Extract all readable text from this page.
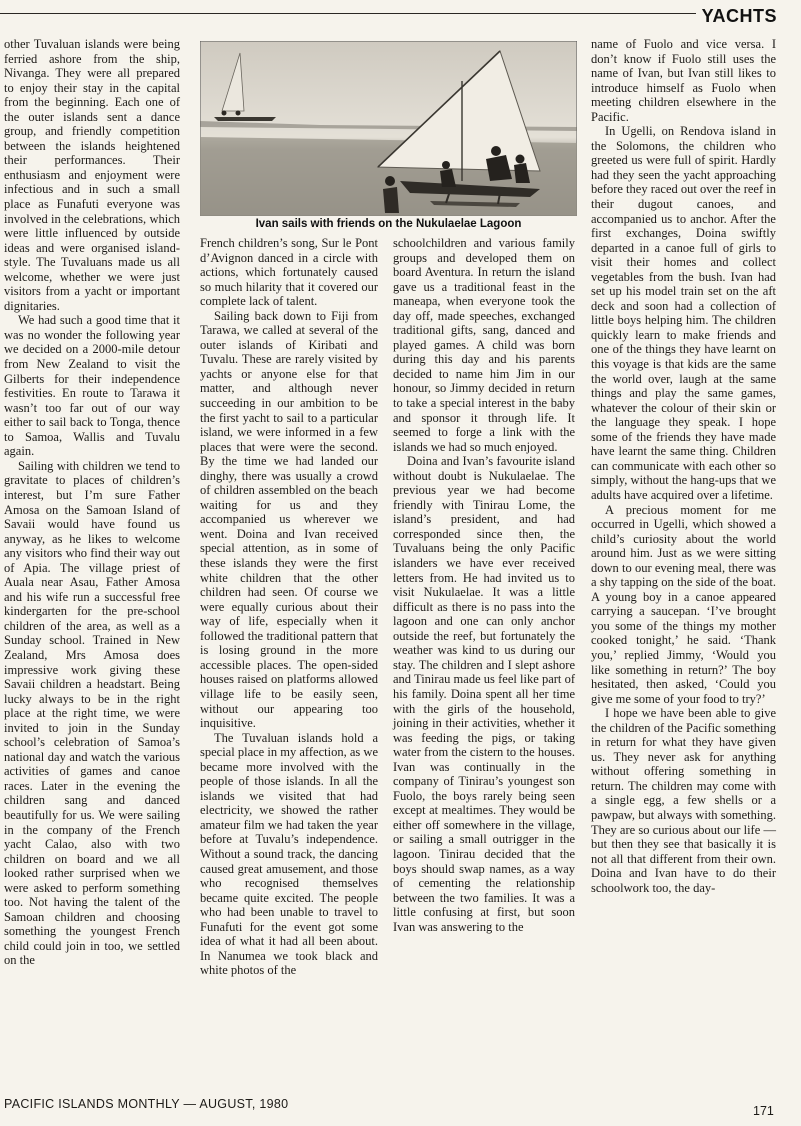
YACHTS

other Tuvaluan islands were being ferried ashore from the ship, Nivanga. They were all prepared to enjoy their stay in the capital from the beginning. Each one of the outer islands sent a dance group, and friendly competition between the islands heightened their performances. Their enthusiasm and enjoyment were infectious and in such a small place as Funafuti everyone was involved in the celebrations, which were little influenced by outside ideas and were organised island-style. The Tuvaluans made us all welcome, whether we were just visitors from a yacht or important dignitaries.

We had such a good time that it was no wonder the following year we decided on a 2000-mile detour from New Zealand to visit the Gilberts for their independence festivities. En route to Tarawa it wasn’t too far out of our way either to sail back to Tonga, thence to Samoa, Wallis and Tuvalu again.

Sailing with children we tend to gravitate to places of children’s interest, but I’m sure Father Amosa on the Samoan Island of Savaii would have found us anyway, as he likes to welcome any visitors who find their way out of Apia. The village priest of Auala near Asau, Father Amosa and his wife run a successful free kindergarten for the pre-school children of the area, as well as a Sunday school. Trained in New Zealand, Mrs Amosa does impressive work giving these Savaii children a headstart. Being lucky always to be in the right place at the right time, we were invited to join in the Sunday school’s celebration of Samoa’s national day and watch the various activities of games and canoe races. Later in the evening the children sang and danced beautifully for us. We were sailing in the company of the French yacht Calao, also with two children on board and we all looked rather surprised when we were asked to perform something too. Not having the talent of the Samoan children and choosing something the youngest French child could join in too, we settled on the

Ivan sails with friends on the Nukulaelae Lagoon

French children’s song, Sur le Pont d’Avignon danced in a circle with actions, which fortunately caused so much hilarity that it covered our complete lack of talent.

Sailing back down to Fiji from Tarawa, we called at several of the outer islands of Kiribati and Tuvalu. These are rarely visited by yachts or anyone else for that matter, and although never succeeding in our ambition to be the first yacht to sail to a particular island, we were informed in a few places that were were the second. By the time we had landed our dinghy, there was usually a crowd of children assembled on the beach waiting for us and they accompanied us wherever we went. Doina and Ivan received special attention, as in some of these islands they were the first white children that the other children had seen. Of course we were equally curious about their way of life, especially when it followed the traditional pattern that is losing ground in the more accessible places. The open-sided houses raised on platforms allowed village life to be easily seen, without our appearing too inquisitive.

The Tuvaluan islands hold a special place in my affection, as we became more involved with the people of those islands. In all the islands we visited that had electricity, we showed the rather amateur film we had taken the year before at Tuvalu’s independence. Without a sound track, the dancing caused great amusement, and those who recognised themselves became quite excited. The people who had been unable to travel to Funafuti for the event got some idea of what it had all been about. In Nanumea we took black and white photos of the

schoolchildren and various family groups and developed them on board Aventura. In return the island gave us a traditional feast in the maneapa, when everyone took the day off, made speeches, exchanged traditional gifts, sang, danced and played games. A child was born during this day and his parents decided to name him Jim in our honour, so Jimmy decided in return to take a special interest in the baby and sponsor it through life. It seemed to forge a link with the islands we had so much enjoyed.

Doina and Ivan’s favourite island without doubt is Nukulaelae. The previous year we had become friendly with Tinirau Lome, the island’s president, and had corresponded since then, the Tuvaluans being the only Pacific islanders we have ever received letters from. He had invited us to visit Nukulaelae. It was a little difficult as there is no pass into the lagoon and one can only anchor outside the reef, but fortunately the weather was kind to us during our stay. The children and I slept ashore and Tinirau made us feel like part of his family. Doina spent all her time with the girls of the household, joining in their activities, whether it was feeding the pigs, or taking water from the cistern to the houses. Ivan was continually in the company of Tinirau’s youngest son Fuolo, the boys rarely being seen except at mealtimes. They would be either off somewhere in the village, or sailing a small outrigger in the lagoon. Tinirau decided that the boys should swap names, as a way of cementing the relationship between the two families. It was a little confusing at first, but soon Ivan was answering to the

name of Fuolo and vice versa. I don’t know if Fuolo still uses the name of Ivan, but Ivan still likes to introduce himself as Fuolo when meeting children elsewhere in the Pacific.

In Ugelli, on Rendova island in the Solomons, the children who greeted us were full of spirit. Hardly had they seen the yacht approaching before they raced out over the reef in their dugout canoes, and accompanied us to anchor. After the first exchanges, Doina swiftly departed in a canoe full of girls to visit their homes and collect vegetables from the bush. Ivan had set up his model train set on the aft deck and soon had a collection of little boys helping him. The children quickly learn to make friends and one of the things they have learnt on this voyage is that kids are the same the world over, laugh at the same things and play the same games, whatever the colour of their skin or the language they speak. I hope some of the friends they have made have learnt the same thing. Children can communicate with each other so simply, without the hang-ups that we adults have acquired over a lifetime.

A precious moment for me occurred in Ugelli, which showed a child’s curiosity about the world around him. Just as we were sitting down to our evening meal, there was a shy tapping on the side of the boat. A young boy in a canoe appeared carrying a saucepan. ‘I’ve brought you some of the things my mother cooked tonight,’ he said. ‘Thank you,’ replied Jimmy, ‘Would you like something in return?’ The boy hesitated, then asked, ‘Could you give me some of your food to try?’

I hope we have been able to give the children of the Pacific something in return for what they have given us. They never ask for anything without offering something in return. The children may come with a single egg, a few shells or a pawpaw, but always with something. They are so curious about our life — but then they see that basically it is not all that different from their own. Doina and Ivan have to do their schoolwork too, the day-

PACIFIC ISLANDS MONTHLY — AUGUST, 1980	171
